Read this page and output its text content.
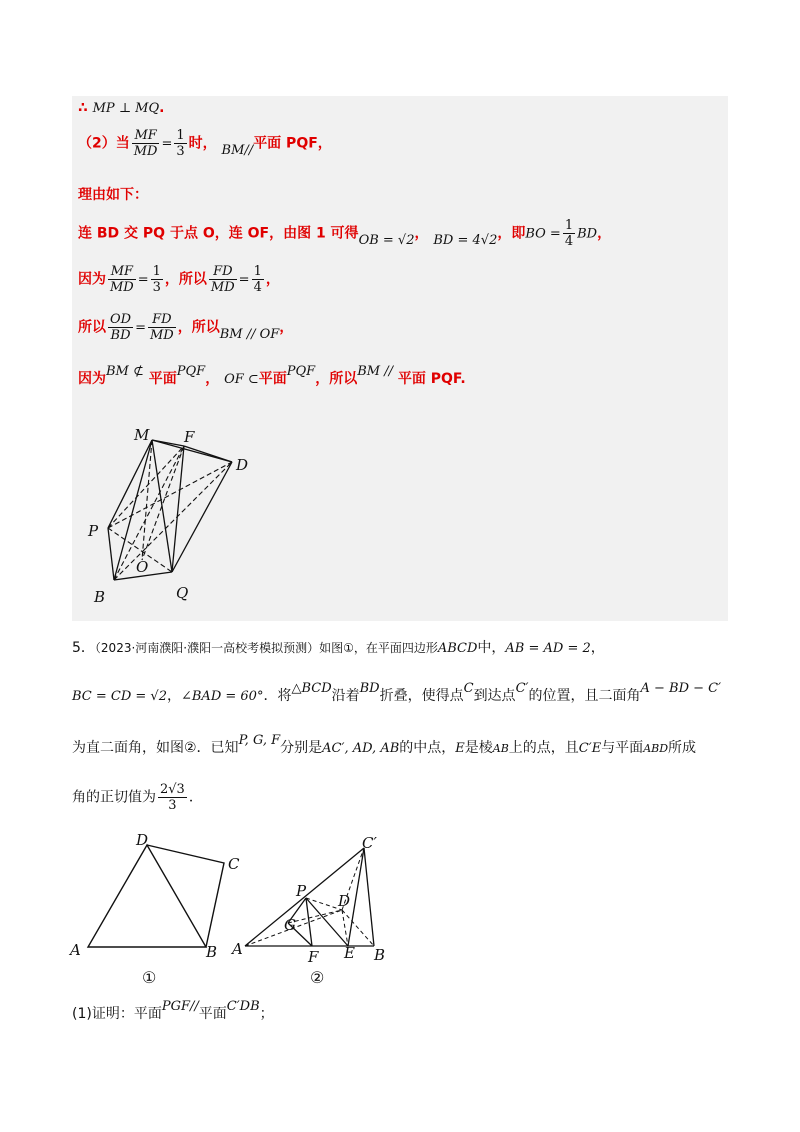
∴ MP ⊥ MQ.
（2）当 $\frac{MF}{MD} = \frac{1}{3}$ 时， BM//平面 PQF，
理由如下：
连 BD 交 PQ 于点 O，连 OF，由图 1 可得OB = √2， BD = 4√2，即BO = $\frac{1}{4}$ BD，
因为 $\frac{MF}{MD} = \frac{1}{3}$ ，所以 $\frac{FD}{MD} = \frac{1}{4}$ ，
所以 $\frac{OD}{BD} = \frac{FD}{MD}$ ，所以BM // OF，
因为BM ⊄ 平面PQF， OF ⊂平面PQF，所以BM // 平面 PQF.
M F
D
P
O
B	Q
5．（2023·河南濮阳·濮阳一高校考模拟预测）如图①，在平面四边形ABCD中，AB = AD = 2，
BC = CD = √2，∠BAD = 60°．将△BCD沿着BD折叠，使得点C到达点C′的位置，且二面角A − BD − C′
为直二面角，如图②．已知P, G, F分别是AC′, AD, AB的中点，E是棱AB上的点，且C′E与平面ABD所成
角的正切值为 $\frac{2√3}{3}$ ．
D
C
A	B
①
C′
P
D
G
A	F E B
②
(1)证明：平面PGF//平面C′DB；
